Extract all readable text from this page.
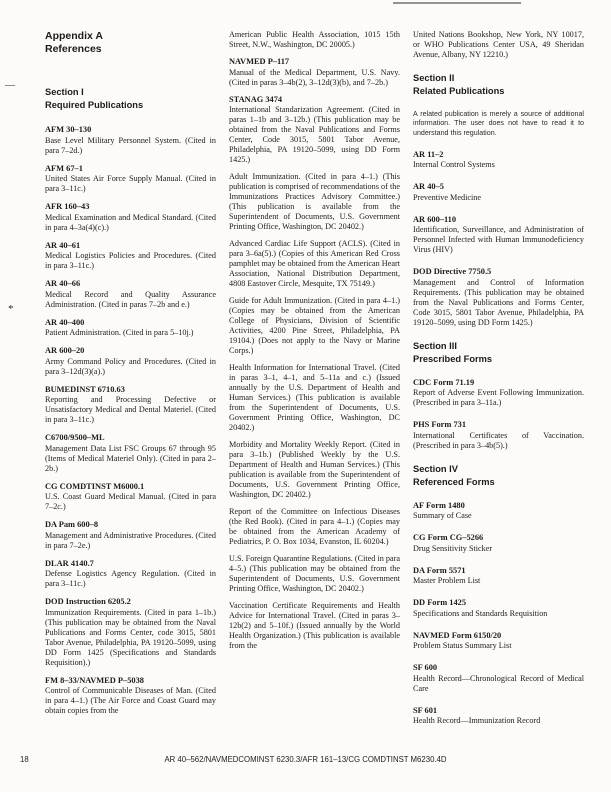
—
*
Appendix A
References
Section I
Required Publications
AFM 30–130
Base Level Military Personnel System. (Cited in para 7–2d.)
AFM 67–1
United States Air Force Supply Manual. (Cited in para 3–11c.)
AFR 160–43
Medical Examination and Medical Standard. (Cited in para 4–3a(4)(c).)
AR 40–61
Medical Logistics Policies and Procedures. (Cited in para 3–11c.)
AR 40–66
Medical Record and Quality Assurance Administration. (Cited in paras 7–2b and e.)
AR 40–400
Patient Administration. (Cited in para 5–10j.)
AR 600–20
Army Command Policy and Procedures. (Cited in para 3–12d(3)(a).)
BUMEDINST 6710.63
Reporting and Processing Defective or Unsatisfactory Medical and Dental Materiel. (Cited in para 3–11c.)
C6700/9500–ML
Management Data List FSC Groups 67 through 95 (Items of Medical Materiel Only). (Cited in para 2–2b.)
CG COMDTINST M6000.1
U.S. Coast Guard Medical Manual. (Cited in para 7–2c.)
DA Pam 600–8
Management and Administrative Procedures. (Cited in para 7–2e.)
DLAR 4140.7
Defense Logistics Agency Regulation. (Cited in para 3–11c.)
DOD Instruction 6205.2
Immunization Requirements. (Cited in para 1–1b.) (This publication may be obtained from the Naval Publications and Forms Center, code 3015, 5801 Tabor Avenue, Philadelphia, PA 19120–5099, using DD Form 1425 (Specifications and Standards Requisition).)
FM 8–33/NAVMED P–5038
Control of Communicable Diseases of Man. (Cited in para 4–1.) (The Air Force and Coast Guard may obtain copies from the
American Public Health Association, 1015 15th Street, N.W., Washington, DC 20005.)
NAVMED P–117
Manual of the Medical Department, U.S. Navy. (Cited in paras 3–4b(2), 3–12d(3)(b), and 7–2b.)
STANAG 3474
International Standarization Agreement. (Cited in paras 1–1b and 3–12b.) (This publication may be obtained from the Naval Publications and Forms Center, Code 3015, 5801 Tabor Avenue, Philadelphia, PA 19120–5099, using DD Form 1425.)
Adult Immunization. (Cited in para 4–1.) (This publication is comprised of recommendations of the Immunizations Practices Advisory Committee.) (This publication is available from the Superintendent of Documents, U.S. Government Printing Office, Washington, DC 20402.)
Advanced Cardiac Life Support (ACLS). (Cited in para 3–6a(5).) (Copies of this American Red Cross pamphlet may be obtained from the American Heart Association, National Distribution Department, 4808 Eastover Circle, Mesquite, TX 75149.)
Guide for Adult Immunization. (Cited in para 4–1.) (Copies may be obtained from the American College of Physicians, Division of Scientific Activities, 4200 Pine Street, Philadelphia, PA 19104.) (Does not apply to the Navy or Marine Corps.)
Health Information for International Travel. (Cited in paras 3–1, 4–1, and 5–11a and c.) (Issued annually by the U.S. Department of Health and Human Services.) (This publication is available from the Superintendent of Documents, U.S. Government Printing Office, Washington, DC 20402.)
Morbidity and Mortality Weekly Report. (Cited in para 3–1b.) (Published Weekly by the U.S. Department of Health and Human Services.) (This publication is available from the Superintendent of Documents, U.S. Government Printing Office, Washington, DC 20402.)
Report of the Committee on Infectious Diseases (the Red Book). (Cited in para 4–1.) (Copies may be obtained from the American Academy of Pediatrics, P. O. Box 1034, Evanston, IL 60204.)
U.S. Foreign Quarantine Regulations. (Cited in para 4–5.) (This publication may be obtained from the Superintendent of Documents, U.S. Government Printing Office, Washington, DC 20402.)
Vaccination Certificate Requirements and Health Advice for International Travel. (Cited in paras 3–12b(2) and 5–10f.) (Issued annually by the World Health Organization.) (This publication is available from the
United Nations Bookshop, New York, NY 10017, or WHO Publications Center USA, 49 Sheridan Avenue, Albany, NY 12210.)
Section II
Related Publications
A related publication is merely a source of additional information. The user does not have to read it to understand this regulation.
AR 11–2
Internal Control Systems
AR 40–5
Preventive Medicine
AR 600–110
Identification, Surveillance, and Administration of Personnel Infected with Human Immunodeficiency Virus (HIV)
DOD Directive 7750.5
Management and Control of Information Requirements. (This publication may be obtained from the Naval Publications and Forms Center, Code 3015, 5801 Tabor Avenue, Philadelphia, PA 19120–5099, using DD Form 1425.)
Section III
Prescribed Forms
CDC Form 71.19
Report of Adverse Event Following Immunization. (Prescribed in para 3–11a.)
PHS Form 731
International Certificates of Vaccination. (Prescribed in para 3–4b(5).)
Section IV
Referenced Forms
AF Form 1480
Summary of Case
CG Form CG–5266
Drug Sensitivity Sticker
DA Form 5571
Master Problem List
DD Form 1425
Specifications and Standards Requisition
NAVMED Form 6150/20
Problem Status Summary List
SF 600
Health Record—Chronological Record of Medical Care
SF 601
Health Record—Immunization Record
18	AR 40–562/NAVMEDCOMINST 6230.3/AFR 161–13/CG COMDTINST M6230.4D
